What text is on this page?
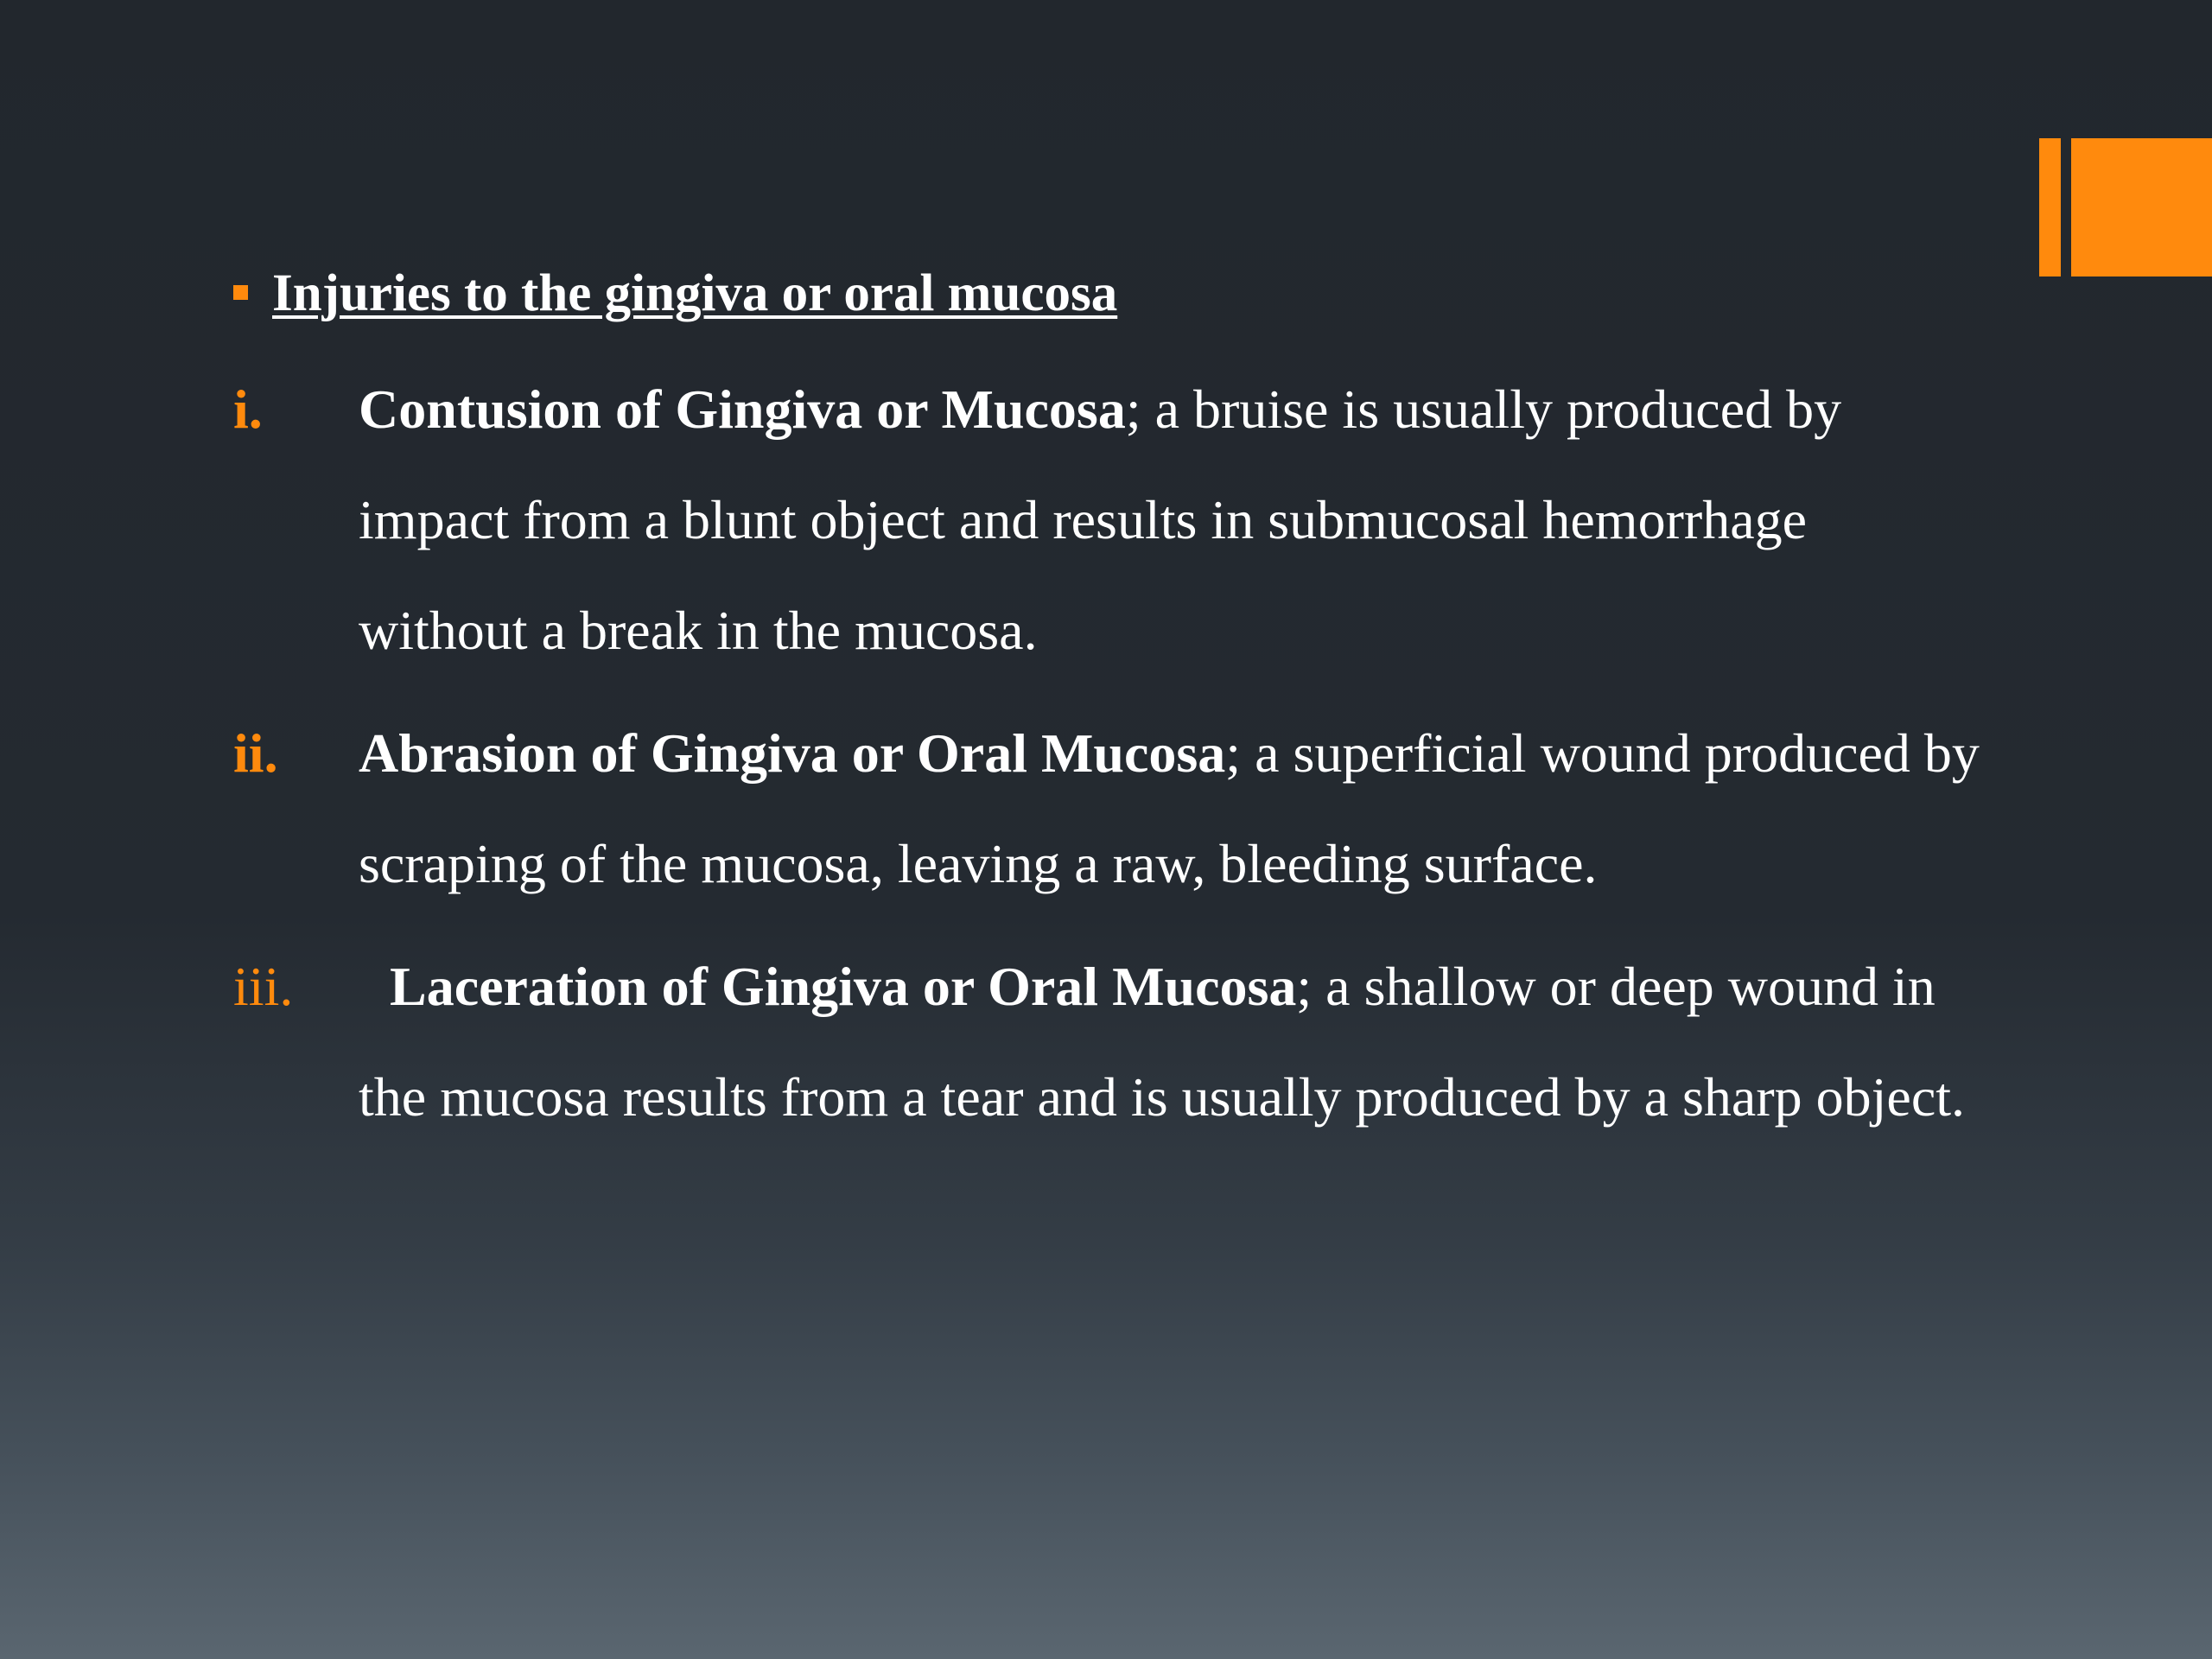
Injuries to the gingiva or oral mucosa
i.	Contusion of Gingiva or Mucosa; a bruise is usually produced by impact from a blunt object and results in submucosal hemorrhage without a break in the mucosa.
ii.	Abrasion of Gingiva or Oral Mucosa; a superficial wound produced by scraping of the mucosa, leaving a raw, bleeding surface.
iii.	Laceration of Gingiva or Oral Mucosa; a shallow or deep wound in the mucosa results from a tear and is usually produced by a sharp object.
